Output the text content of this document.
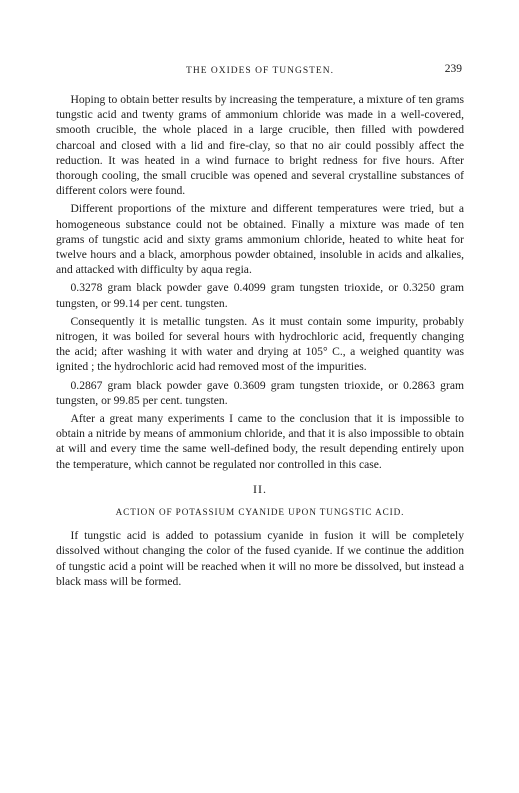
THE OXIDES OF TUNGSTEN.	239

Hoping to obtain better results by increasing the temperature, a mixture of ten grams tungstic acid and twenty grams of ammonium chloride was made in a well-covered, smooth crucible, the whole placed in a large crucible, then filled with powdered charcoal and closed with a lid and fire-clay, so that no air could possibly affect the reduction. It was heated in a wind furnace to bright redness for five hours. After thorough cooling, the small crucible was opened and several crystalline substances of different colors were found.

Different proportions of the mixture and different temperatures were tried, but a homogeneous substance could not be obtained. Finally a mixture was made of ten grams of tungstic acid and sixty grams ammonium chloride, heated to white heat for twelve hours and a black, amorphous powder obtained, insoluble in acids and alkalies, and attacked with difficulty by aqua regia.

0.3278 gram black powder gave 0.4099 gram tungsten trioxide, or 0.3250 gram tungsten, or 99.14 per cent. tungsten.

Consequently it is metallic tungsten. As it must contain some impurity, probably nitrogen, it was boiled for several hours with hydrochloric acid, frequently changing the acid; after washing it with water and drying at 105° C., a weighed quantity was ignited ; the hydrochloric acid had removed most of the impurities.

0.2867 gram black powder gave 0.3609 gram tungsten trioxide, or 0.2863 gram tungsten, or 99.85 per cent. tungsten.

After a great many experiments I came to the conclusion that it is impossible to obtain a nitride by means of ammonium chloride, and that it is also impossible to obtain at will and every time the same well-defined body, the result depending entirely upon the temperature, which cannot be regulated nor controlled in this case.

II.
ACTION OF POTASSIUM CYANIDE UPON TUNGSTIC ACID.

If tungstic acid is added to potassium cyanide in fusion it will be completely dissolved without changing the color of the fused cyanide. If we continue the addition of tungstic acid a point will be reached when it will no more be dissolved, but instead a black mass will be formed.
